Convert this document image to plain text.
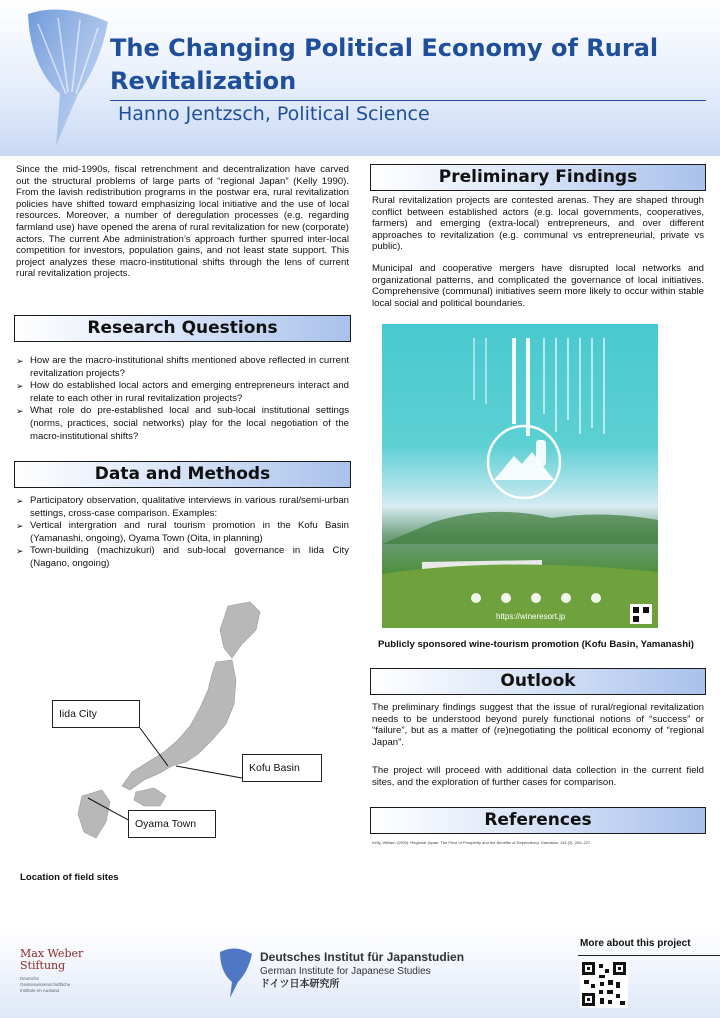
The Changing Political Economy of Rural Revitalization
Hanno Jentzsch, Political Science
Since the mid-1990s, fiscal retrenchment and decentralization have carved out the structural problems of large parts of “regional Japan” (Kelly 1990). From the lavish redistribution programs in the postwar era, rural revitalization policies have shifted toward emphasizing local initiative and the use of local resources. Moreover, a number of deregulation processes (e.g. regarding farmland use) have opened the arena of rural revitalization for new (corporate) actors. The current Abe administration’s approach further spurred inter-local competition for investors, population gains, and not least state support. This project analyzes these macro-institutional shifts through the lens of current rural revitalization projects.
Research Questions
➢ How are the macro-institutional shifts mentioned above reflected in current revitalization projects?
➢ How do established local actors and emerging entrepreneurs interact and relate to each other in rural revitalization projects?
➢ What role do pre-established local and sub-local institutional settings (norms, practices, social networks) play for the local negotiation of the macro-institutional shifts?
Data and Methods
➢ Participatory observation, qualitative interviews in various rural/semi-urban settings, cross-case comparison. Examples:
➢ Vertical intergration and rural tourism promotion in the Kofu Basin (Yamanashi, ongoing), Oyama Town (Oita, in planning)
➢ Town-building (machizukuri) and sub-local governance in Iida City (Nagano, ongoing)
Iida City
Kofu Basin
Oyama Town
Location of field sites
Preliminary Findings
Rural revitalization projects are contested arenas. They are shaped through conflict between established actors (e.g. local governments, cooperatives, farmers) and emerging (extra-local) entrepreneurs, and over different approaches to revitalization (e.g. communal vs entrepreneurial, private vs public).
Municipal and cooperative mergers have disrupted local networks and organizational patterns, and complicated the governance of local initiatives. Comprehensive (communal) initiatives seem more likely to occur within stable local social and political boundaries.
https://wineresort.jp
Publicly sponsored wine-tourism promotion (Kofu Basin, Yamanashi)
Outlook
The preliminary findings suggest that the issue of rural/regional revitalization needs to be understood beyond purely functional notions of “success” or “failure”, but as a matter of (re)negotiating the political economy of “regional Japan”.
The project will proceed with additional data collection in the current field sites, and the exploration of further cases for comparison.
References
Kelly, William (1990): Regional Japan: The Price of Prosperity and the Benefits of Dependency. Daedalus, 119 (3), 209–227.
Max Weber
Stiftung
Deutsche Geisteswissenschaftliche Institute im Ausland
Deutsches Institut für Japanstudien
German Institute for Japanese Studies
ドイツ日本研究所
More about this project
